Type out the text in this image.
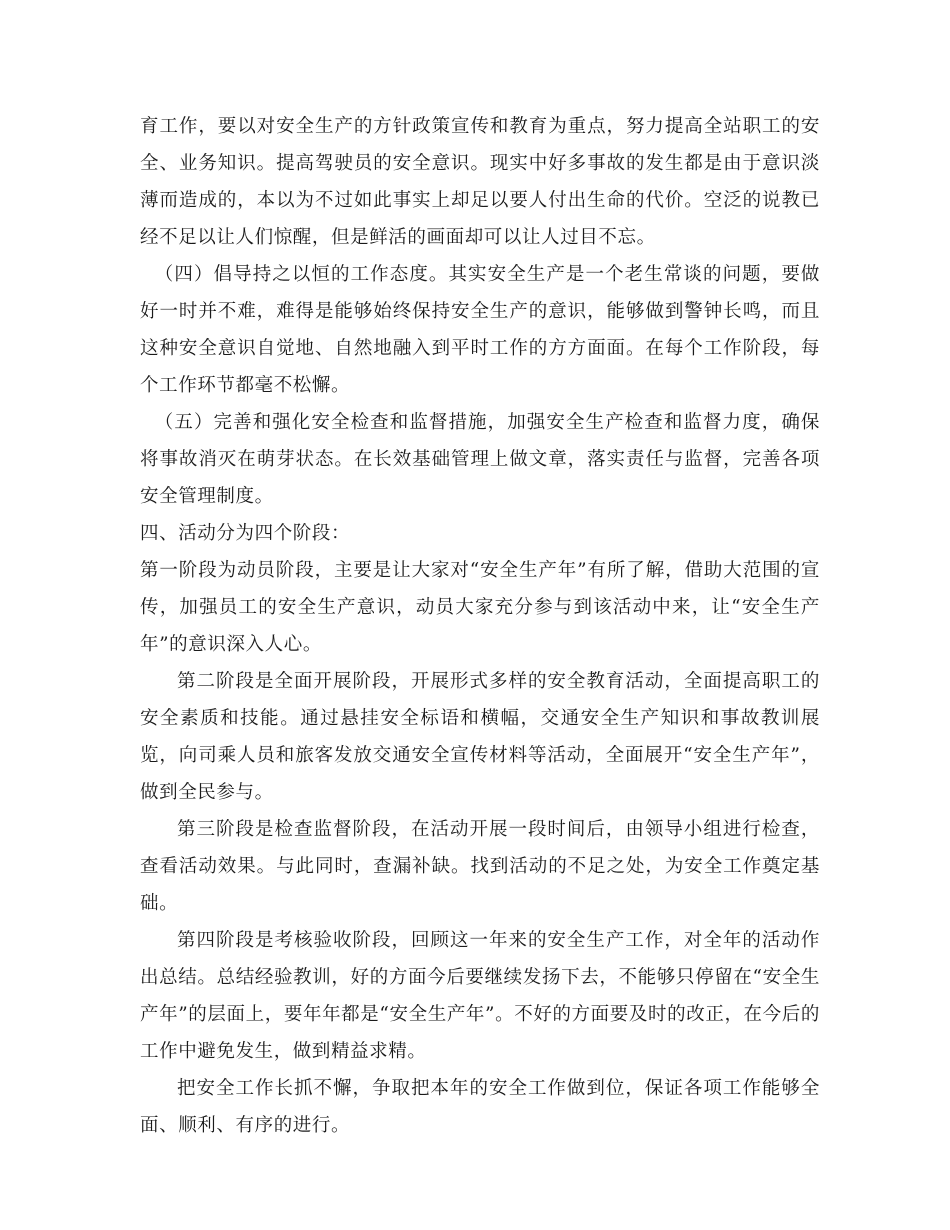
育工作，要以对安全生产的方针政策宣传和教育为重点，努力提高全站职工的安全、业务知识。提高驾驶员的安全意识。现实中好多事故的发生都是由于意识淡薄而造成的，本以为不过如此事实上却足以要人付出生命的代价。空泛的说教已经不足以让人们惊醒，但是鲜活的画面却可以让人过目不忘。

（四）倡导持之以恒的工作态度。其实安全生产是一个老生常谈的问题，要做好一时并不难，难得是能够始终保持安全生产的意识，能够做到警钟长鸣，而且这种安全意识自觉地、自然地融入到平时工作的方方面面。在每个工作阶段，每个工作环节都毫不松懈。

（五）完善和强化安全检查和监督措施，加强安全生产检查和监督力度，确保将事故消灭在萌芽状态。在长效基础管理上做文章，落实责任与监督，完善各项安全管理制度。

四、活动分为四个阶段：

第一阶段为动员阶段，主要是让大家对“安全生产年”有所了解，借助大范围的宣传，加强员工的安全生产意识，动员大家充分参与到该活动中来，让“安全生产年”的意识深入人心。

第二阶段是全面开展阶段，开展形式多样的安全教育活动，全面提高职工的安全素质和技能。通过悬挂安全标语和横幅，交通安全生产知识和事故教训展览，向司乘人员和旅客发放交通安全宣传材料等活动，全面展开“安全生产年”，做到全民参与。

第三阶段是检查监督阶段，在活动开展一段时间后，由领导小组进行检查，查看活动效果。与此同时，查漏补缺。找到活动的不足之处，为安全工作奠定基础。

第四阶段是考核验收阶段，回顾这一年来的安全生产工作，对全年的活动作出总结。总结经验教训，好的方面今后要继续发扬下去，不能够只停留在“安全生产年”的层面上，要年年都是“安全生产年”。不好的方面要及时的改正，在今后的工作中避免发生，做到精益求精。

把安全工作长抓不懈，争取把本年的安全工作做到位，保证各项工作能够全面、顺利、有序的进行。
